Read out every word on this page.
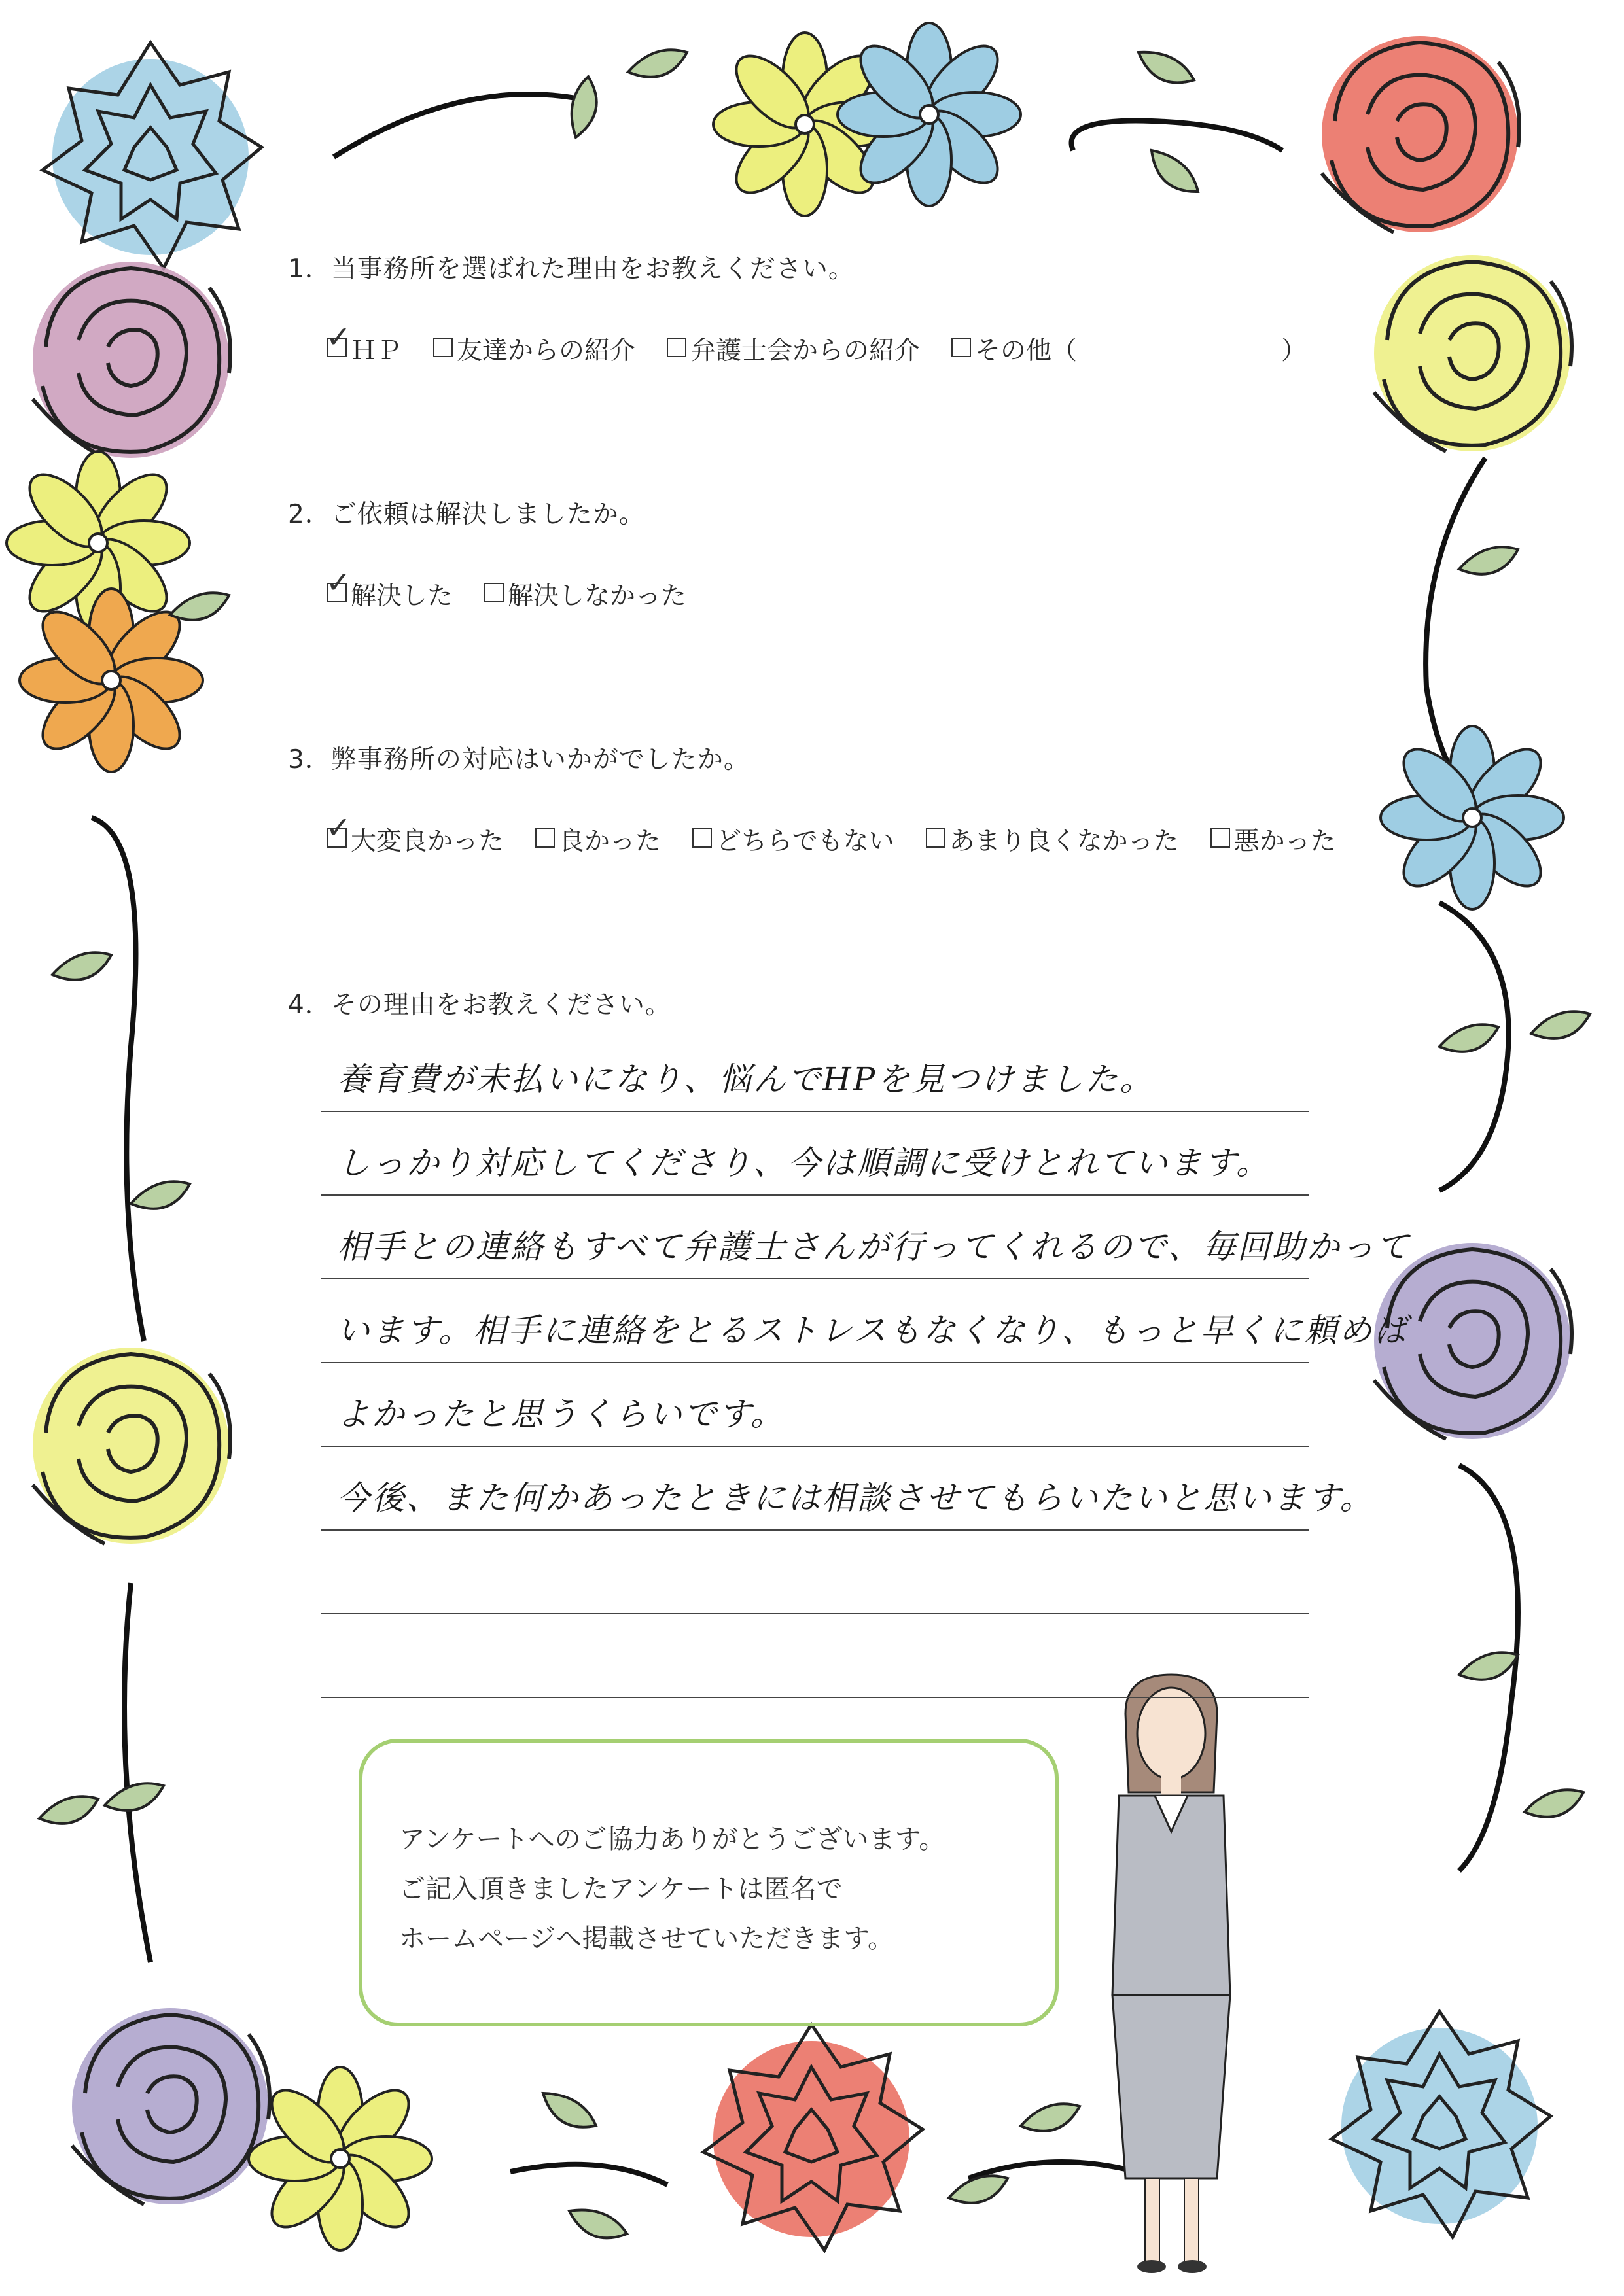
1．当事務所を選ばれた理由をお教えください。
✓ ＨＰ 友達からの紹介 弁護士会からの紹介 その他（　　　　　　　　）
2．ご依頼は解決しましたか。
✓ 解決した 解決しなかった
3．弊事務所の対応はいかがでしたか。
✓ 大変良かった 良かった どちらでもない あまり良くなかった 悪かった
4．その理由をお教えください。
養育費が未払いになり、悩んでHPを見つけました。
しっかり対応してくださり、今は順調に受けとれています。
相手との連絡もすべて弁護士さんが行ってくれるので、毎回助かって
います。相手に連絡をとるストレスもなくなり、もっと早くに頼めば
よかったと思うくらいです。
今後、また何かあったときには相談させてもらいたいと思います。
アンケートへのご協力ありがとうございます。
ご記入頂きましたアンケートは匿名で
ホームページへ掲載させていただきます。
